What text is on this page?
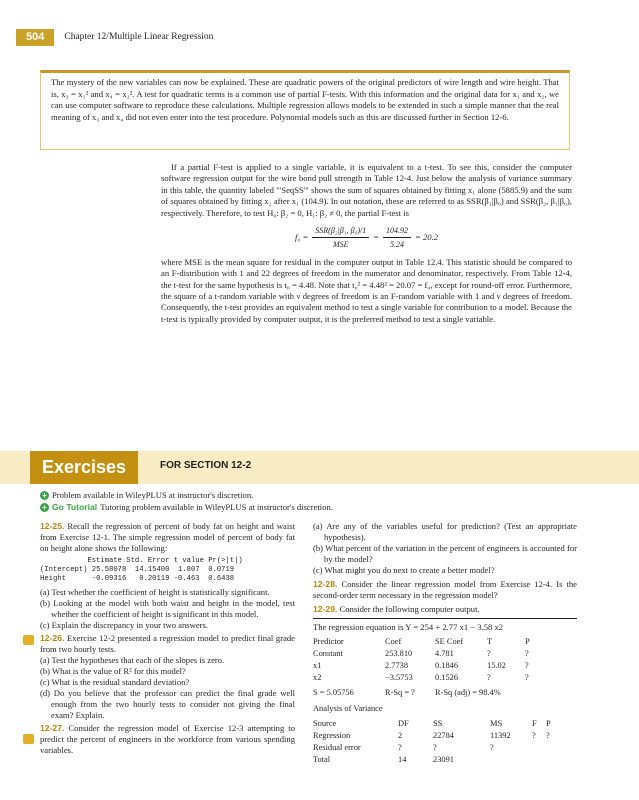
504	Chapter 12/Multiple Linear Regression

The mystery of the new variables can now be explained. These are quadratic powers of the original predictors of wire length and wire height. That is, x₃ = x₁² and x₄ = x₂². A test for quadratic terms is a common use of partial F-tests. With this information and the original data for x₁ and x₂, we can use computer software to reproduce these calculations. Multiple regression allows models to be extended in such a simple manner that the real meaning of x₃ and x₄ did not even enter into the test procedure. Polynomial models such as this are discussed further in Section 12-6.

If a partial F-test is applied to a single variable, it is equivalent to a t-test. To see this, consider the computer software regression output for the wire bond pull strength in Table 12-4. Just below the analysis of variance summary in this table, the quantity labeled "'SeqSS'" shows the sum of squares obtained by fitting x₁ alone (5885.9) and the sum of squares obtained by fitting x₂ after x₁ (104.9). In out notation, these are referred to as SSR(β₁|β₀) and SSR(β₂, β₁|β₀), respectively. Therefore, to test H₀: β₂ = 0, H₁: β₂ ≠ 0, the partial F-test is

$f_0 = \frac{\text{SSR(β₂|β₁, β₀)/1}}{\text{MSE}} = \frac{104.92}{5.24} = 20.2$

where MSE is the mean square for residual in the computer output in Table 12.4. This statistic should be compared to an F-distribution with 1 and 22 degrees of freedom in the numerator and denominator, respectively. From Table 12-4, the t-test for the same hypothesis is t₀ = 4.48. Note that t₀² = 4.48² = 20.07 = f₀, except for round-off error. Furthermore, the square of a t-random variable with ν degrees of freedom is an F-random variable with 1 and ν degrees of freedom. Consequently, the t-test provides an equivalent method to test a single variable for contribution to a model. Because the t-test is typically provided by computer output, it is the preferred method to test a single variable.

Exercises	FOR SECTION 12-2
+ Problem available in WileyPLUS at instructor's discretion.
+ Go Tutorial Tutoring problem available in WileyPLUS at instructor's discretion.

12-25. Recall the regression of percent of body fat on height and waist from Exercise 12-1. The simple regression model of percent of body fat on height alone shows the following:

Estimate Std. Error t value Pr(>|t|)
(Intercept) 25.58078  14.15400  1.807  0.0719
Height      -0.09316   0.20119 -0.463  0.6438

(a) Test whether the coefficient of height is statistically significant.

(b) Looking at the model with both waist and height in the model, test whether the coefficient of height is significant in this model.

(c) Explain the discrepancy in your two answers.

12-26. Exercise 12-2 presented a regression model to predict final grade from two hourly tests.

(a) Test the hypotheses that each of the slopes is zero.

(b) What is the value of R² for this model?

(c) What is the residual standard deviation?

(d) Do you believe that the professor can predict the final grade well enough from the two hourly tests to consider not giving the final exam? Explain.

12-27. Consider the regression model of Exercise 12-3 attempting to predict the percent of engineers in the workforce from various spending variables.

(a) Are any of the variables useful for prediction? (Test an appropriate hypothesis).

(b) What percent of the variation in the percent of engineers is accounted for by the model?

(c) What might you do next to create a better model?

12-28. Consider the linear regression model from Exercise 12-4. Is the second-order term necessary in the regression model?

12-29. Consider the following computer output.

The regression equation is Y = 254 + 2.77 x1 − 3.58 x2

Predictor	Coef	SE Coef	T	P
Constant	253.810	4.781	?	?
x1	2.7738	0.1846	15.02	?
x2	−3.5753	0.1526	?	?
S = 5.05756	R-Sq = ?	R-Sq (adj) = 98.4%

Analysis of Variance

Source	DF	SS	MS	F	P
Regression	2	22784	11392	?	?
Residual error	?	?	?		
Total	14	23091			
